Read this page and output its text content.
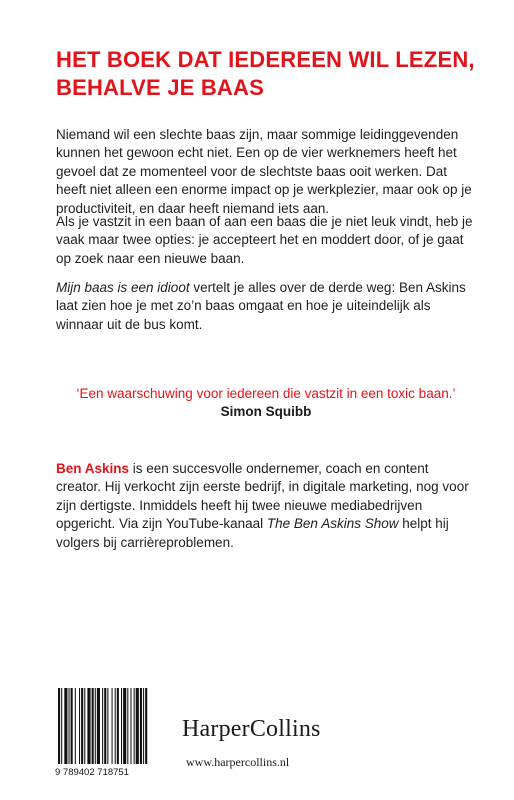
HET BOEK DAT IEDEREEN WIL LEZEN,
BEHALVE JE BAAS

Niemand wil een slechte baas zijn, maar sommige leidinggevenden kunnen het gewoon echt niet. Een op de vier werknemers heeft het gevoel dat ze momenteel voor de slechtste baas ooit werken. Dat heeft niet alleen een enorme impact op je werkplezier, maar ook op je productiviteit, en daar heeft niemand iets aan.

Als je vastzit in een baan of aan een baas die je niet leuk vindt, heb je vaak maar twee opties: je accepteert het en moddert door, of je gaat op zoek naar een nieuwe baan.

Mijn baas is een idioot vertelt je alles over de derde weg: Ben Askins laat zien hoe je met zo’n baas omgaat en hoe je uiteindelijk als winnaar uit de bus komt.

‘Een waarschuwing voor iedereen die vastzit in een toxic baan.’
Simon Squibb

Ben Askins is een succesvolle ondernemer, coach en content creator. Hij verkocht zijn eerste bedrijf, in digitale marketing, nog voor zijn dertigste. Inmiddels heeft hij twee nieuwe mediabedrijven opgericht. Via zijn YouTube-kanaal The Ben Askins Show helpt hij volgers bij carrièreproblemen.

9 789402 718751
HarperCollins
www.harpercollins.nl
